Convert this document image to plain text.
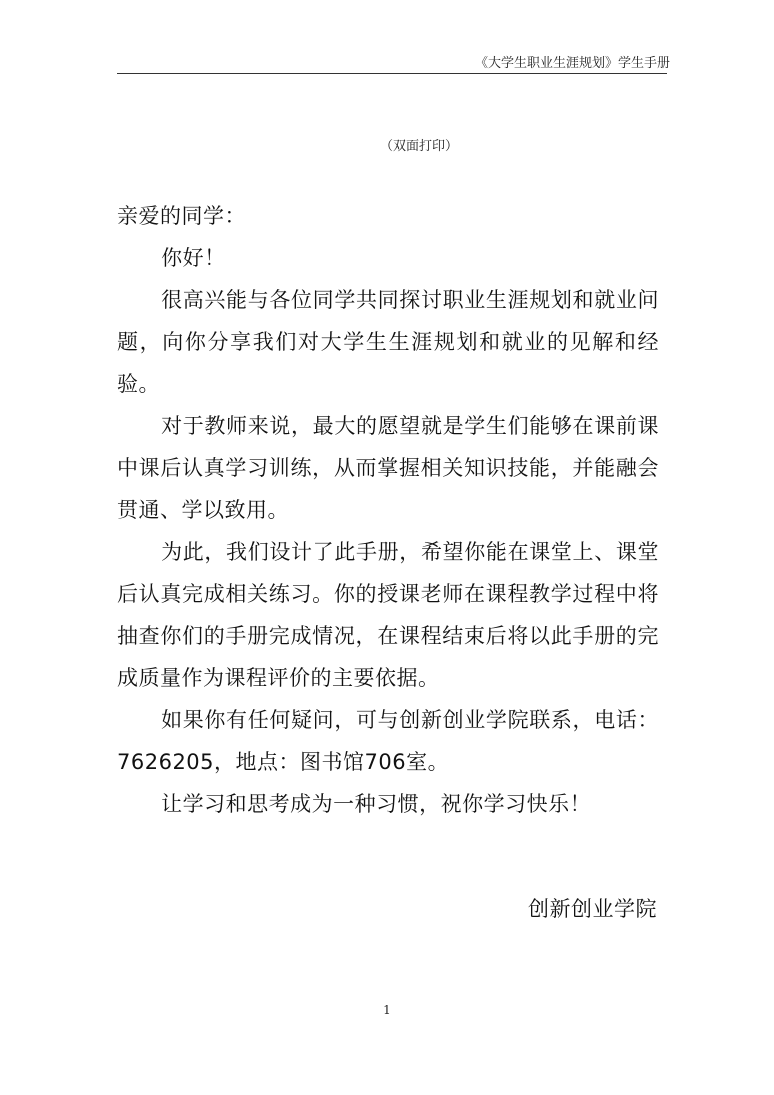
《大学生职业生涯规划》学生手册
（双面打印）

亲爱的同学：

你好！

很高兴能与各位同学共同探讨职业生涯规划和就业问题，向你分享我们对大学生生涯规划和就业的见解和经验。

对于教师来说，最大的愿望就是学生们能够在课前课中课后认真学习训练，从而掌握相关知识技能，并能融会贯通、学以致用。

为此，我们设计了此手册，希望你能在课堂上、课堂后认真完成相关练习。你的授课老师在课程教学过程中将抽查你们的手册完成情况，在课程结束后将以此手册的完成质量作为课程评价的主要依据。

如果你有任何疑问，可与创新创业学院联系，电话：7626205，地点：图书馆706室。

让学习和思考成为一种习惯，祝你学习快乐！

创新创业学院
1
